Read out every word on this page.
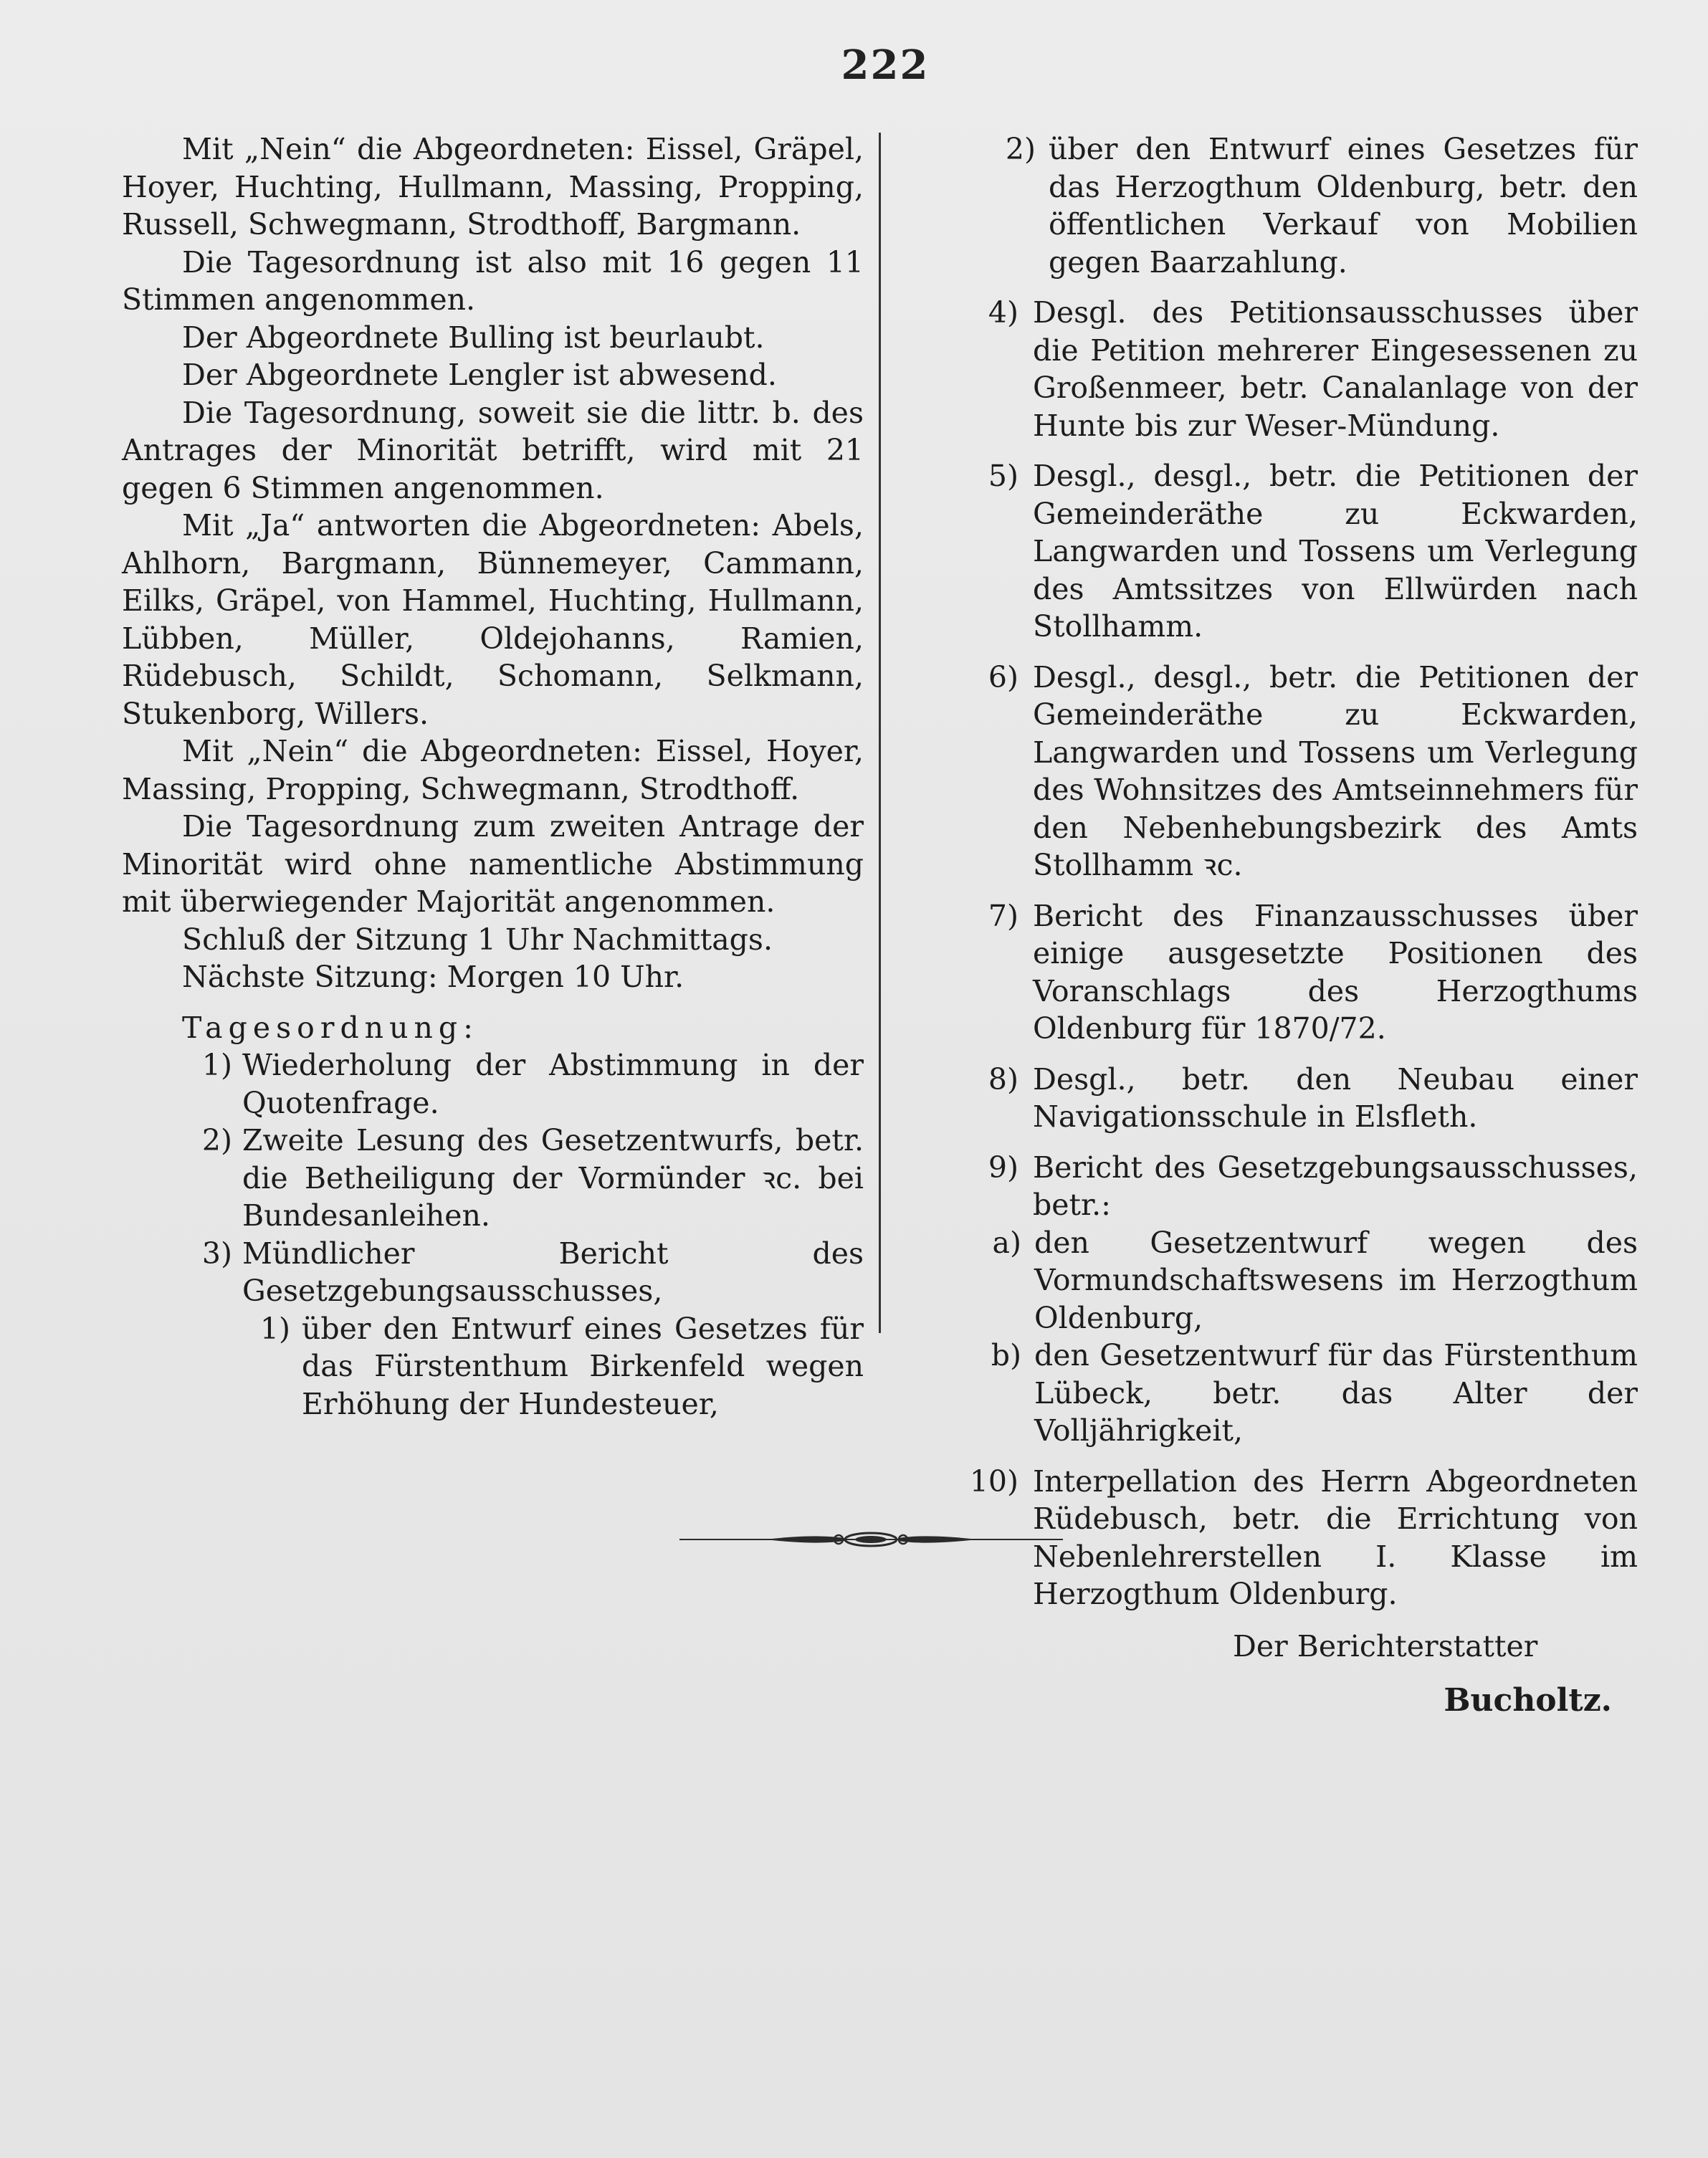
222

Mit „Nein“ die Abgeordneten: Eissel, Gräpel, Hoyer, Huchting, Hullmann, Massing, Propping, Russell, Schwegmann, Strodthoff, Bargmann.

Die Tagesordnung ist also mit 16 gegen 11 Stimmen angenommen.

Der Abgeordnete Bulling ist beurlaubt.

Der Abgeordnete Lengler ist abwesend.

Die Tagesordnung, soweit sie die littr. b. des Antrages der Minorität betrifft, wird mit 21 gegen 6 Stimmen angenommen.

Mit „Ja“ antworten die Abgeordneten: Abels, Ahlhorn, Bargmann, Bünnemeyer, Cammann, Eilks, Gräpel, von Hammel, Huchting, Hullmann, Lübben, Müller, Oldejohanns, Ramien, Rüdebusch, Schildt, Schomann, Selkmann, Stukenborg, Willers.

Mit „Nein“ die Abgeordneten: Eissel, Hoyer, Massing, Propping, Schwegmann, Strodthoff.

Die Tagesordnung zum zweiten Antrage der Minorität wird ohne namentliche Abstimmung mit überwiegender Majorität angenommen.

Schluß der Sitzung 1 Uhr Nachmittags.

Nächste Sitzung: Morgen 10 Uhr.

Tagesordnung:

1) Wiederholung der Abstimmung in der Quotenfrage.
2) Zweite Lesung des Gesetzentwurfs, betr. die Betheiligung der Vormünder ꝛc. bei Bundesanleihen.
3) Mündlicher Bericht des Gesetzgebungsausschusses,
1) über den Entwurf eines Gesetzes für das Fürstenthum Birkenfeld wegen Erhöhung der Hundesteuer,
2) über den Entwurf eines Gesetzes für das Herzogthum Oldenburg, betr. den öffentlichen Verkauf von Mobilien gegen Baarzahlung.
4) Desgl. des Petitionsausschusses über die Petition mehrerer Eingesessenen zu Großenmeer, betr. Canalanlage von der Hunte bis zur Weser-Mündung.
5) Desgl., desgl., betr. die Petitionen der Gemeinderäthe zu Eckwarden, Langwarden und Tossens um Verlegung des Amtssitzes von Ellwürden nach Stollhamm.
6) Desgl., desgl., betr. die Petitionen der Gemeinderäthe zu Eckwarden, Langwarden und Tossens um Verlegung des Wohnsitzes des Amtseinnehmers für den Nebenhebungsbezirk des Amts Stollhamm ꝛc.
7) Bericht des Finanzausschusses über einige ausgesetzte Positionen des Voranschlags des Herzogthums Oldenburg für 1870/72.
8) Desgl., betr. den Neubau einer Navigationsschule in Elsfleth.
9) Bericht des Gesetzgebungsausschusses, betr.:
a) den Gesetzentwurf wegen des Vormundschaftswesens im Herzogthum Oldenburg,
b) den Gesetzentwurf für das Fürstenthum Lübeck, betr. das Alter der Volljährigkeit,
10) Interpellation des Herrn Abgeordneten Rüdebusch, betr. die Errichtung von Nebenlehrerstellen I. Klasse im Herzogthum Oldenburg.

Der Berichterstatter

Bucholtz.
